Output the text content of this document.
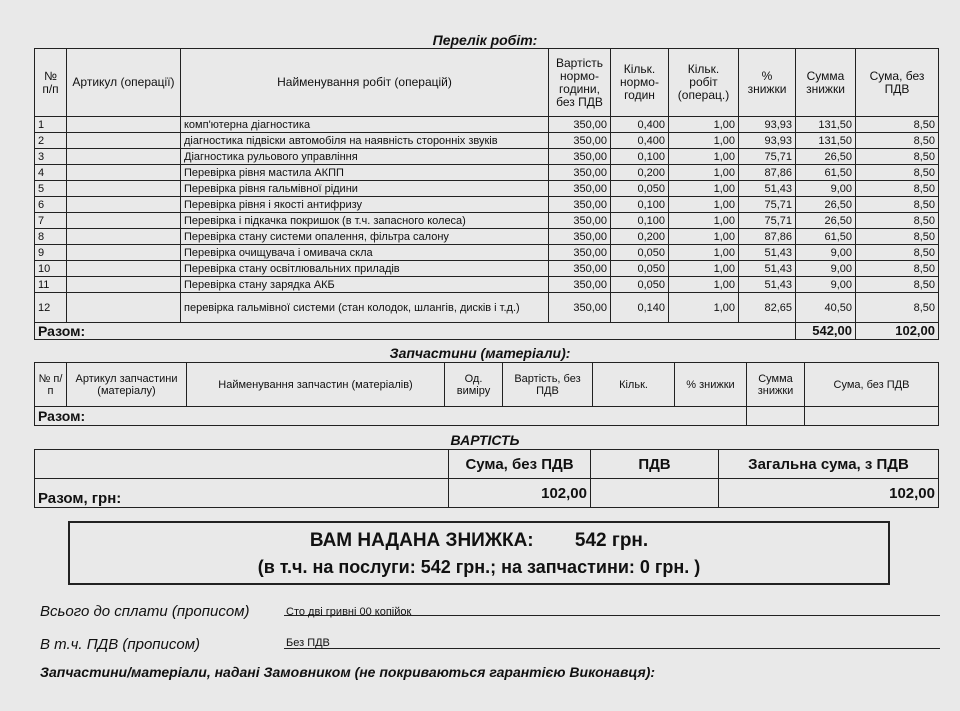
Перелік робіт:
№ п/п	Артикул (операції)	Найменування робіт (операцій)	Вартість нормо-години, без ПДВ	Кільк. нормо-годин	Кільк. робіт (операц.)	% знижки	Сумма знижки	Сума, без ПДВ
1		комп'ютерна діагностика	350,00	0,400	1,00	93,93	131,50	8,50
2		діагностика підвіски автомобіля на наявність сторонніх звуків	350,00	0,400	1,00	93,93	131,50	8,50
3		Діагностика рульового управління	350,00	0,100	1,00	75,71	26,50	8,50
4		Перевірка рівня мастила АКПП	350,00	0,200	1,00	87,86	61,50	8,50
5		Перевірка рівня гальмівної рідини	350,00	0,050	1,00	51,43	9,00	8,50
6		Перевірка рівня і якості антифризу	350,00	0,100	1,00	75,71	26,50	8,50
7		Перевірка і підкачка покришок (в т.ч. запасного колеса)	350,00	0,100	1,00	75,71	26,50	8,50
8		Перевірка стану системи опалення, фільтра салону	350,00	0,200	1,00	87,86	61,50	8,50
9		Перевірка очищувача і омивача скла	350,00	0,050	1,00	51,43	9,00	8,50
10		Перевірка стану освітлювальних приладів	350,00	0,050	1,00	51,43	9,00	8,50
11		Перевірка стану зарядка АКБ	350,00	0,050	1,00	51,43	9,00	8,50
12		перевірка гальмівної системи (стан колодок, шлангів, дисків і т.д.)	350,00	0,140	1,00	82,65	40,50	8,50
Разом:							542,00	102,00
Запчастини (матеріали):
№ п/п	Артикул запчастини (матеріалу)	Найменування запчастин (матеріалів)	Од. виміру	Вартість, без ПДВ	Кільк.	% знижки	Сумма знижки	Сума, без ПДВ
Разом:								
ВАРТІСТЬ
	Сума, без ПДВ	ПДВ	Загальна сума, з ПДВ
Разом, грн:	102,00		102,00
ВАМ НАДАНА ЗНИЖКА: 542 грн.
(в т.ч. на послуги: 542 грн.; на запчастини: 0 грн. )
Всього до сплати (прописом)	Сто дві гривні 00 копійок
В т.ч. ПДВ (прописом)	Без ПДВ
Запчастини/матеріали, надані Замовником (не покриваються гарантією Виконавця):
